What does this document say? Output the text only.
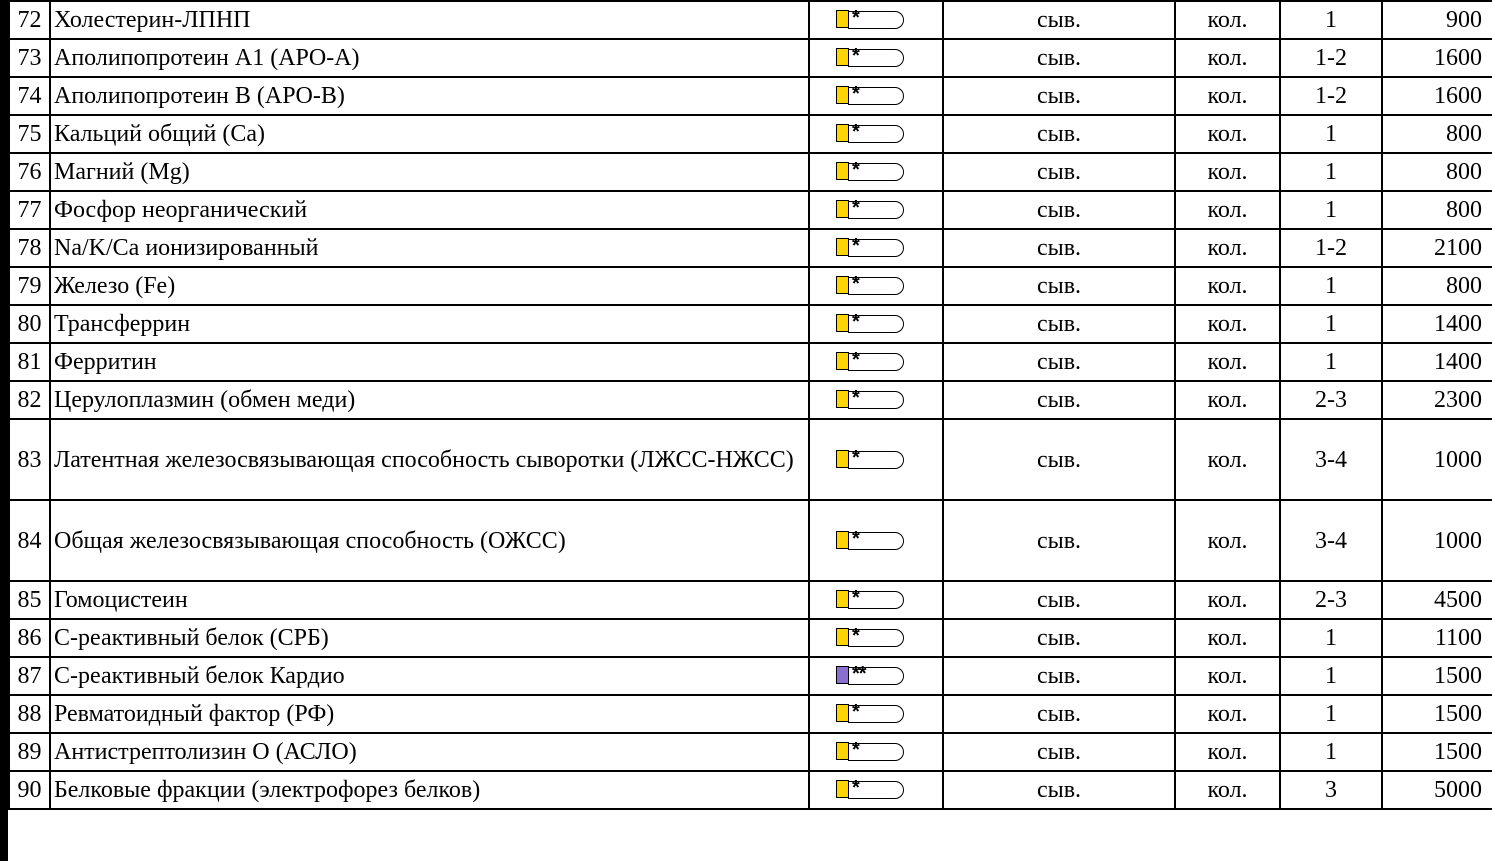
72	Холестерин-ЛПНП	*	сыв.	кол.	1	900
73	Аполипопротеин А1 (APO-A)	*	сыв.	кол.	1-2	1600
74	Аполипопротеин В (APO-B)	*	сыв.	кол.	1-2	1600
75	Кальций общий (Ca)	*	сыв.	кол.	1	800
76	Магний (Mg)	*	сыв.	кол.	1	800
77	Фосфор неорганический	*	сыв.	кол.	1	800
78	Na/K/Ca ионизированный	*	сыв.	кол.	1-2	2100
79	Железо (Fe)	*	сыв.	кол.	1	800
80	Трансферрин	*	сыв.	кол.	1	1400
81	Ферритин	*	сыв.	кол.	1	1400
82	Церулоплазмин (обмен меди)	*	сыв.	кол.	2-3	2300
83	Латентная железосвязывающая способность сыворотки (ЛЖСС-НЖСС)	*	сыв.	кол.	3-4	1000
84	Общая железосвязывающая способность (ОЖСС)	*	сыв.	кол.	3-4	1000
85	Гомоцистеин	*	сыв.	кол.	2-3	4500
86	С-реактивный белок (СРБ)	*	сыв.	кол.	1	1100
87	С-реактивный белок Кардио	**	сыв.	кол.	1	1500
88	Ревматоидный фактор (РФ)	*	сыв.	кол.	1	1500
89	Антистрептолизин О (АСЛО)	*	сыв.	кол.	1	1500
90	Белковые фракции (электрофорез белков)	*	сыв.	кол.	3	5000
